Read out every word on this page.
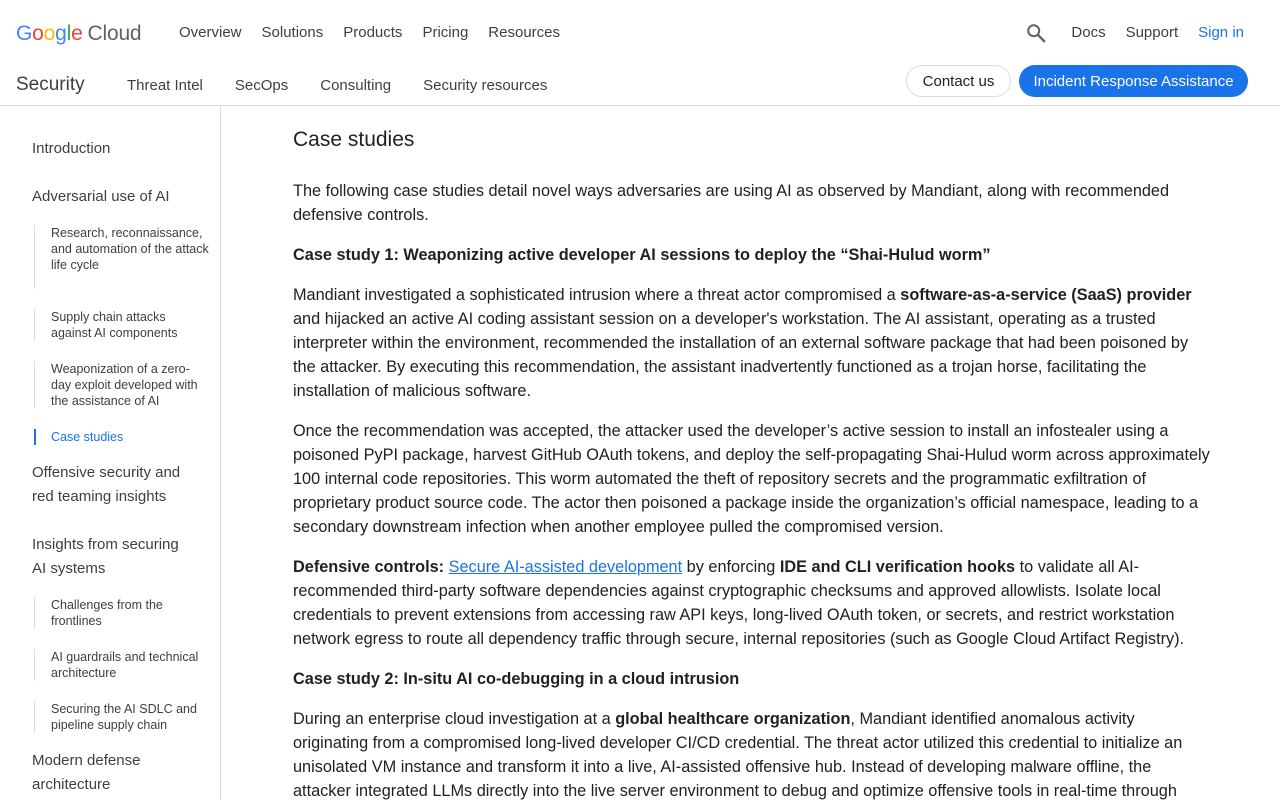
G o o g l e Cloud	Overview Solutions Products Pricing Resources	Docs Support Sign in
Security	Threat Intel SecOps Consulting Security resources	Contact us	Incident Response Assistance
Introduction
Adversarial use of AI
Research, reconnaissance, and automation of the attack life cycle
Supply chain attacks against AI components
Weaponization of a zero-day exploit developed with the assistance of AI
Case studies
Offensive security and red teaming insights
Insights from securing AI systems
Challenges from the frontlines
AI guardrails and technical architecture
Securing the AI SDLC and pipeline supply chain
Modern defense architecture
Case studies

The following case studies detail novel ways adversaries are using AI as observed by Mandiant, along with recommended defensive controls.

Case study 1: Weaponizing active developer AI sessions to deploy the “Shai-Hulud worm”

Mandiant investigated a sophisticated intrusion where a threat actor compromised a software-as-a-service (SaaS) provider and hijacked an active AI coding assistant session on a developer's workstation. The AI assistant, operating as a trusted interpreter within the environment, recommended the installation of an external software package that had been poisoned by the attacker. By executing this recommendation, the assistant inadvertently functioned as a trojan horse, facilitating the installation of malicious software.

Once the recommendation was accepted, the attacker used the developer’s active session to install an infostealer using a poisoned PyPI package, harvest GitHub OAuth tokens, and deploy the self-propagating Shai-Hulud worm across approximately 100 internal code repositories. This worm automated the theft of repository secrets and the programmatic exfiltration of proprietary product source code. The actor then poisoned a package inside the organization’s official namespace, leading to a secondary downstream infection when another employee pulled the compromised version.

Defensive controls: Secure AI-assisted development by enforcing IDE and CLI verification hooks to validate all AI-recommended third-party software dependencies against cryptographic checksums and approved allowlists. Isolate local credentials to prevent extensions from accessing raw API keys, long-lived OAuth token, or secrets, and restrict workstation network egress to route all dependency traffic through secure, internal repositories (such as Google Cloud Artifact Registry).

Case study 2: In-situ AI co-debugging in a cloud intrusion

During an enterprise cloud investigation at a global healthcare organization, Mandiant identified anomalous activity originating from a compromised long-lived developer CI/CD credential. The threat actor utilized this credential to initialize an unisolated VM instance and transform it into a live, AI-assisted offensive hub. Instead of developing malware offline, the attacker integrated LLMs directly into the live server environment to debug and optimize offensive tools in real-time through
